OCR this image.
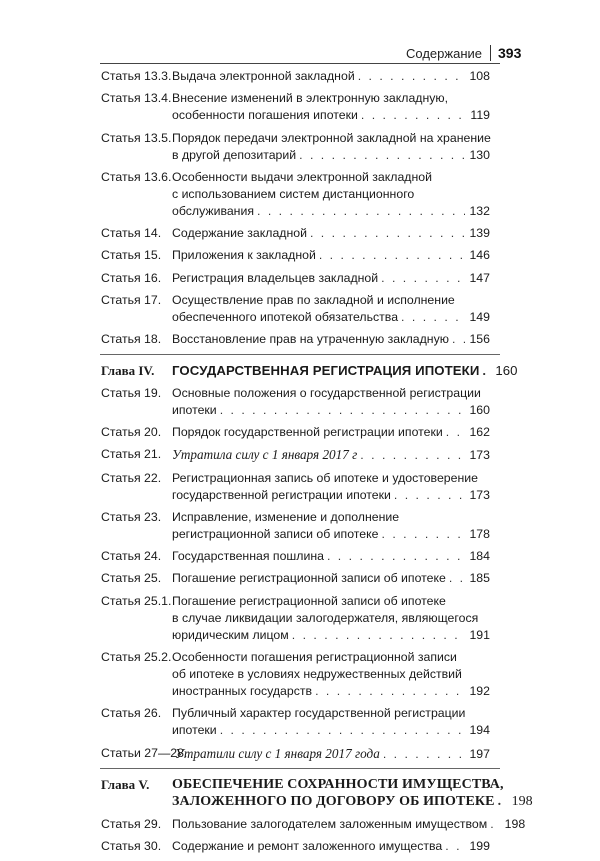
Содержание 393
Статья 13.3. Выдача электронной закладной . . .	108
Статья 13.4. Внесение изменений в электронную закладную,
особенности погашения ипотеки . . .	119
Статья 13.5. Порядок передачи электронной закладной на хранение
в другой депозитарий . . .	130
Статья 13.6. Особенности выдачи электронной закладной
с использованием систем дистанционного
обслуживания . . .	132
Статья 14. Содержание закладной . . .	139
Статья 15. Приложения к закладной . . .	146
Статья 16. Регистрация владельцев закладной . . .	147
Статья 17. Осуществление прав по закладной и исполнение
обеспеченного ипотекой обязательства . . .	149
Статья 18. Восстановление прав на утраченную закладную . . . 156
Глава IV. ГОСУДАРСТВЕННАЯ РЕГИСТРАЦИЯ ИПОТЕКИ . . . 160
Статья 19. Основные положения о государственной регистрации
ипотеки . . .	160
Статья 20. Порядок государственной регистрации ипотеки . . . 162
Статья 21. Утратила силу с 1 января 2017 г . . .	173
Статья 22. Регистрационная запись об ипотеке и удостоверение
государственной регистрации ипотеки . . .	173
Статья 23. Исправление, изменение и дополнение
регистрационной записи об ипотеке . . .	178
Статья 24. Государственная пошлина . . .	184
Статья 25. Погашение регистрационной записи об ипотеке . . . 185
Статья 25.1. Погашение регистрационной записи об ипотеке
в случае ликвидации залогодержателя, являющегося
юридическим лицом . . .	191
Статья 25.2. Особенности погашения регистрационной записи
об ипотеке в условиях недружественных действий
иностранных государств . . .	192
Статья 26. Публичный характер государственной регистрации
ипотеки . . .	194
Статьи 27—28.
Утратили силу с 1 января 2017 года . . .	197
Глава V. ОБЕСПЕЧЕНИЕ СОХРАННОСТИ ИМУЩЕСТВА,
ЗАЛОЖЕННОГО ПО ДОГОВОРУ ОБ ИПОТЕКЕ . . . 198
Статья 29. Пользование залогодателем заложенным имуществом . . . 198
Статья 30. Содержание и ремонт заложенного имущества . . . 199
